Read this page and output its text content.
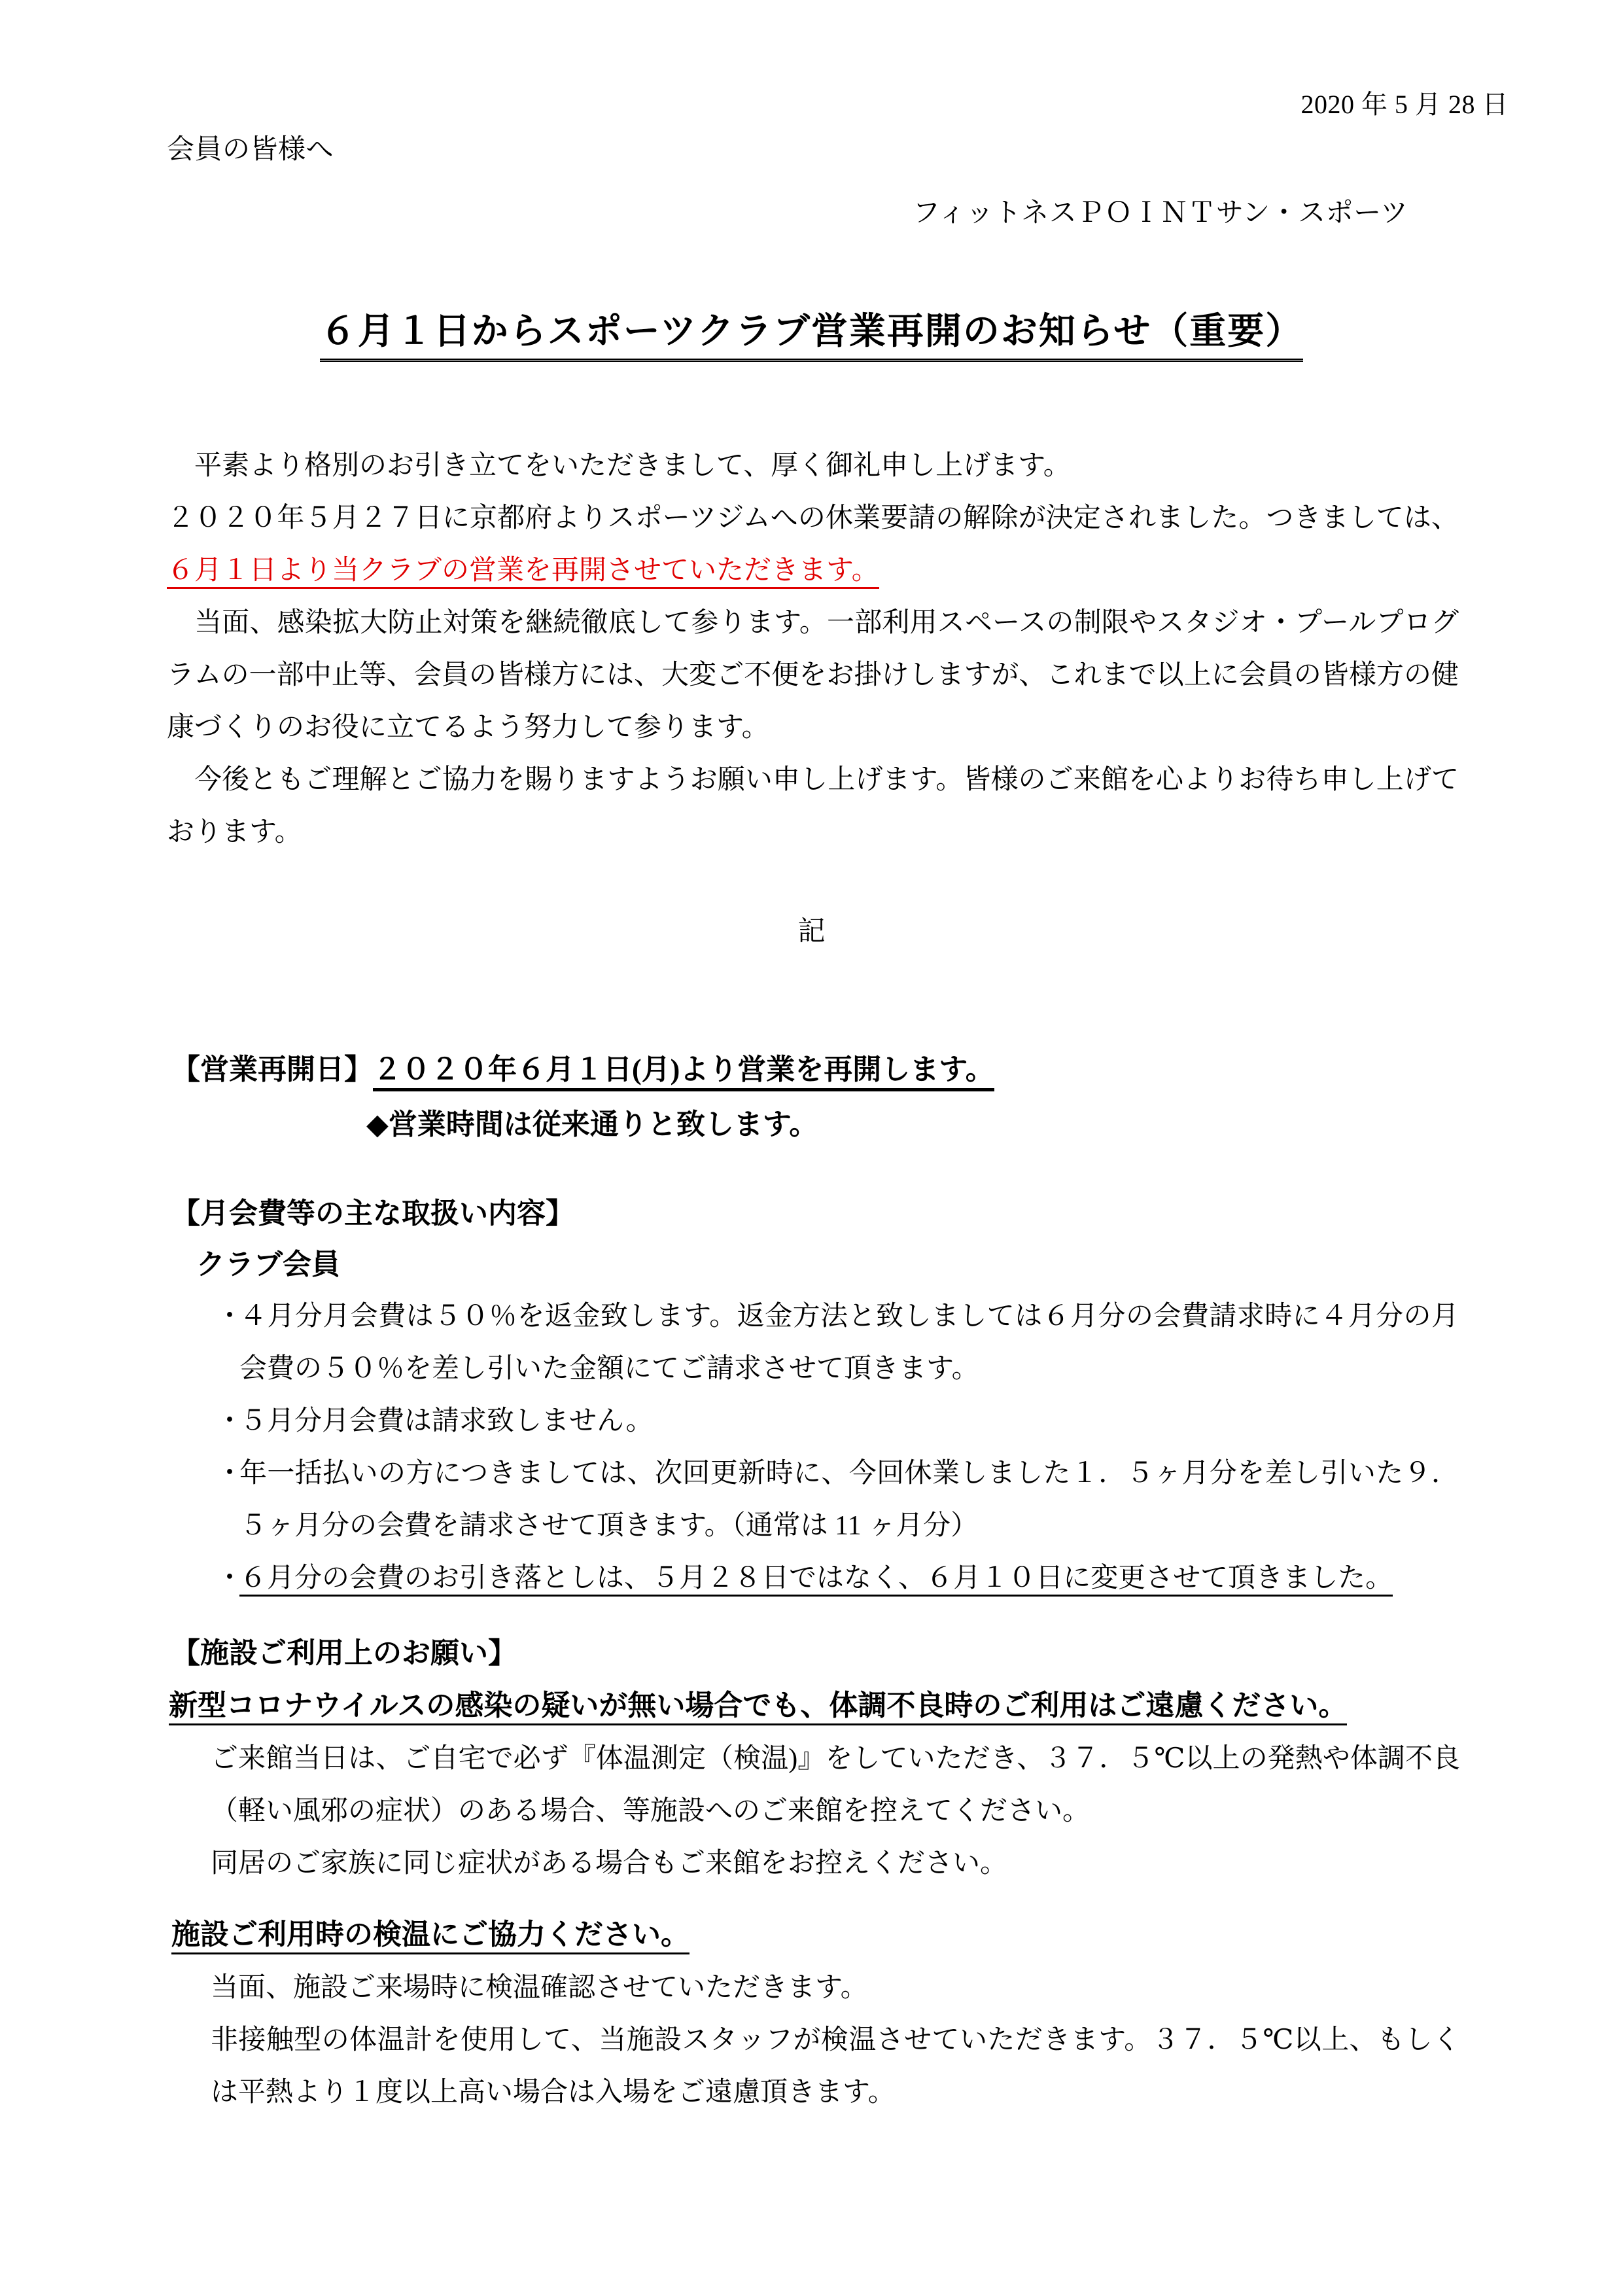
2020 年 5 月 28 日
会員の皆様へ
フィットネスＰＯＩＮＴサン・スポーツ
６月１日からスポーツクラブ営業再開のお知らせ（重要）
平素より格別のお引き立てをいただきまして、厚く御礼申し上げます。
２０２０年５月２７日に京都府よりスポーツジムへの休業要請の解除が決定されました。つきましては、６月１日より当クラブの営業を再開させていただきます。
当面、感染拡大防止対策を継続徹底して参ります。一部利用スペースの制限やスタジオ・プールプログラムの一部中止等、会員の皆様方には、大変ご不便をお掛けしますが、これまで以上に会員の皆様方の健康づくりのお役に立てるよう努力して参ります。
今後ともご理解とご協力を賜りますようお願い申し上げます。皆様のご来館を心よりお待ち申し上げております。
記
【営業再開日】２０２０年６月１日(月)より営業を再開します。
◆営業時間は従来通りと致します。
【月会費等の主な取扱い内容】
クラブ会員
・
４月分月会費は５０％を返金致します。返金方法と致しましては６月分の会費請求時に４月分の月会費の５０％を差し引いた金額にてご請求させて頂きます。
・
５月分月会費は請求致しません。
・
年一括払いの方につきましては、次回更新時に、今回休業しました１．５ヶ月分を差し引いた９．５ヶ月分の会費を請求させて頂きます。（通常は 11 ヶ月分）
・
６月分の会費のお引き落としは、５月２８日ではなく、６月１０日に変更させて頂きました。
【施設ご利用上のお願い】
新型コロナウイルスの感染の疑いが無い場合でも、体調不良時のご利用はご遠慮ください。
ご来館当日は、ご自宅で必ず『体温測定（検温)』をしていただき、３７．５℃以上の発熱や体調不良（軽い風邪の症状）のある場合、等施設へのご来館を控えてください。
同居のご家族に同じ症状がある場合もご来館をお控えください。
施設ご利用時の検温にご協力ください。
当面、施設ご来場時に検温確認させていただきます。
非接触型の体温計を使用して、当施設スタッフが検温させていただきます。３７．５℃以上、もしくは平熱より１度以上高い場合は入場をご遠慮頂きます。
